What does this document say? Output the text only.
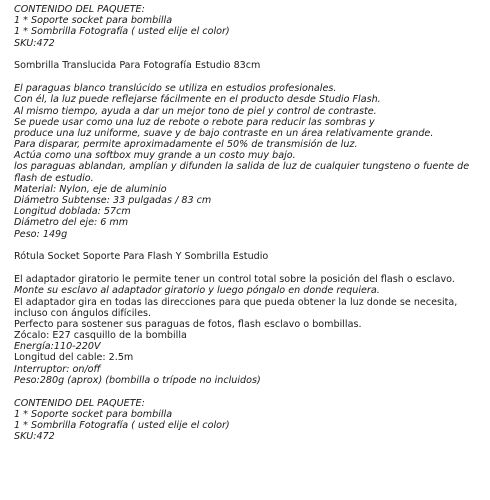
CONTENIDO DEL PAQUETE:
1 * Soporte socket para bombilla
1 * Sombrilla Fotografía ( usted elije el color)
SKU:472
Sombrilla Translucida Para Fotografía Estudio 83cm
El paraguas blanco translúcido se utiliza en estudios profesionales.
Con él, la luz puede reflejarse fácilmente en el producto desde Studio Flash.
Al mismo tiempo, ayuda a dar un mejor tono de piel y control de contraste.
Se puede usar como una luz de rebote o rebote para reducir las sombras y
produce una luz uniforme, suave y de bajo contraste en un área relativamente grande.
Para disparar, permite aproximadamente el 50% de transmisión de luz.
Actúa como una softbox muy grande a un costo muy bajo.
los paraguas ablandan, amplían y difunden la salida de luz de cualquier tungsteno o fuente de
flash de estudio.
Material: Nylon, eje de aluminio
Diámetro Subtense: 33 pulgadas / 83 cm
Longitud doblada: 57cm
Diámetro del eje: 6 mm
Peso: 149g
Rótula Socket Soporte Para Flash Y Sombrilla Estudio
El adaptador giratorio le permite tener un control total sobre la posición del flash o esclavo.
Monte su esclavo al adaptador giratorio y luego póngalo en donde requiera.
El adaptador gira en todas las direcciones para que pueda obtener la luz donde se necesita,
incluso con ángulos difíciles.
Perfecto para sostener sus paraguas de fotos, flash esclavo o bombillas.
Zócalo: E27 casquillo de la bombilla
Energía:110-220V
Longitud del cable: 2.5m
Interruptor: on/off
Peso:280g (aprox) (bombilla o trípode no incluidos)
CONTENIDO DEL PAQUETE:
1 * Soporte socket para bombilla
1 * Sombrilla Fotografía ( usted elije el color)
SKU:472
